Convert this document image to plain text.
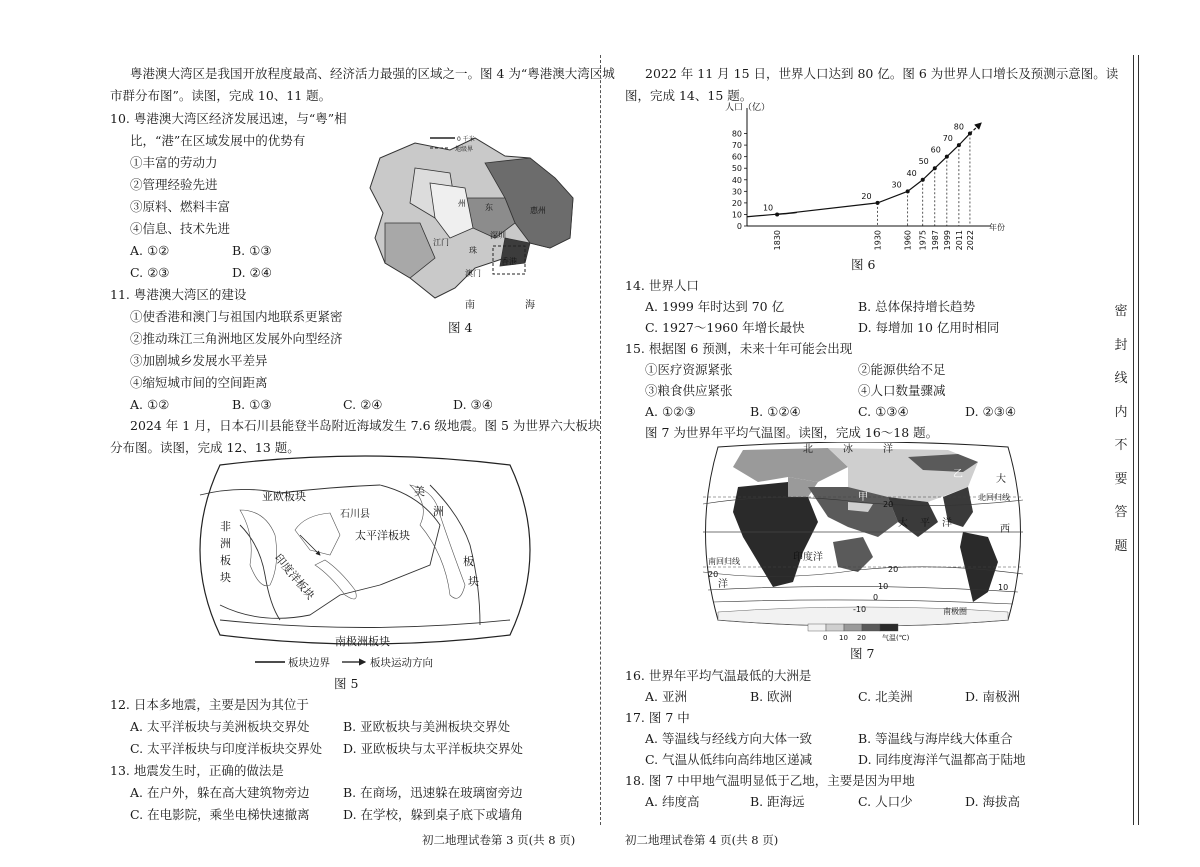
粤港澳大湾区是我国开放程度最高、经济活力最强的区域之一。图 4 为“粤港澳大湾区城
市群分布图”。读图，完成 10、11 题。
10. 粤港澳大湾区经济发展迅速，与“粤”相
比，“港”在区域发展中的优势有
①丰富的劳动力
②管理经验先进
③原料、燃料丰富
④信息、技术先进
A. ①②	B. ①③
C. ②③	D. ②④
11. 粤港澳大湾区的建设
①使香港和澳门与祖国内地联系更紧密
②推动珠江三角洲地区发展外向型经济
③加剧城乡发展水平差异
④缩短城市间的空间距离
A. ①②	B. ①③	C. ②④	D. ③④
2024 年 1 月，日本石川县能登半岛附近海域发生 7.6 级地震。图 5 为世界六大板块
分布图。读图，完成 12、13 题。
0 千米
地级界
州
江门
东	惠州
深圳
珠
香港
澳门
南	海
图 4
亚欧板块
非
洲
板
块	印度洋板块
太平洋板块
石川县
美
洲
板
块
南极洲板块
板块边界	板块运动方向
图 5
12. 日本多地震，主要是因为其位于
A. 太平洋板块与美洲板块交界处	B. 亚欧板块与美洲板块交界处
C. 太平洋板块与印度洋板块交界处 D. 亚欧板块与太平洋板块交界处
13. 地震发生时，正确的做法是
A. 在户外，躲在高大建筑物旁边	B. 在商场，迅速躲在玻璃窗旁边
C. 在电影院，乘坐电梯快速撤离	D. 在学校，躲到桌子底下或墙角
初二地理试卷第 3 页(共 8 页)
2022 年 11 月 15 日，世界人口达到 80 亿。图 6 为世界人口增长及预测示意图。读
图，完成 14、15 题。
人口（亿）
年份
0
10
20
30
40
50
60
70
80
10
1830
20
1930
30
1960
40
1975
50
1987
60
1999
70
2011
80
2022
图 6
14. 世界人口
A. 1999 年时达到 70 亿	B. 总体保持增长趋势
C. 1927～1960 年增长最快	D. 每增加 10 亿用时相同
15. 根据图 6 预测，未来十年可能会出现
①医疗资源紧张	②能源供给不足
③粮食供应紧张	④人口数量骤减
A. ①②③	B. ①②④	C. ①③④	D. ②③④
图 7 为世界年平均气温图。读图，完成 16～18 题。
北	冰	洋
太 平 洋
印度洋
大
西
洋
甲
乙
北回归线
南回归线
南极圈
20
20
10	10
0
20
-10
0 10 20 气温(℃)
图 7
16. 世界年平均气温最低的大洲是
A. 亚洲	B. 欧洲	C. 北美洲	D. 南极洲
17. 图 7 中
A. 等温线与经线方向大体一致	B. 等温线与海岸线大体重合
C. 气温从低纬向高纬地区递减	D. 同纬度海洋气温都高于陆地
18. 图 7 中甲地气温明显低于乙地，主要是因为甲地
A. 纬度高	B. 距海远	C. 人口少	D. 海拔高
初二地理试卷第 4 页(共 8 页)
密封线内不要答题
